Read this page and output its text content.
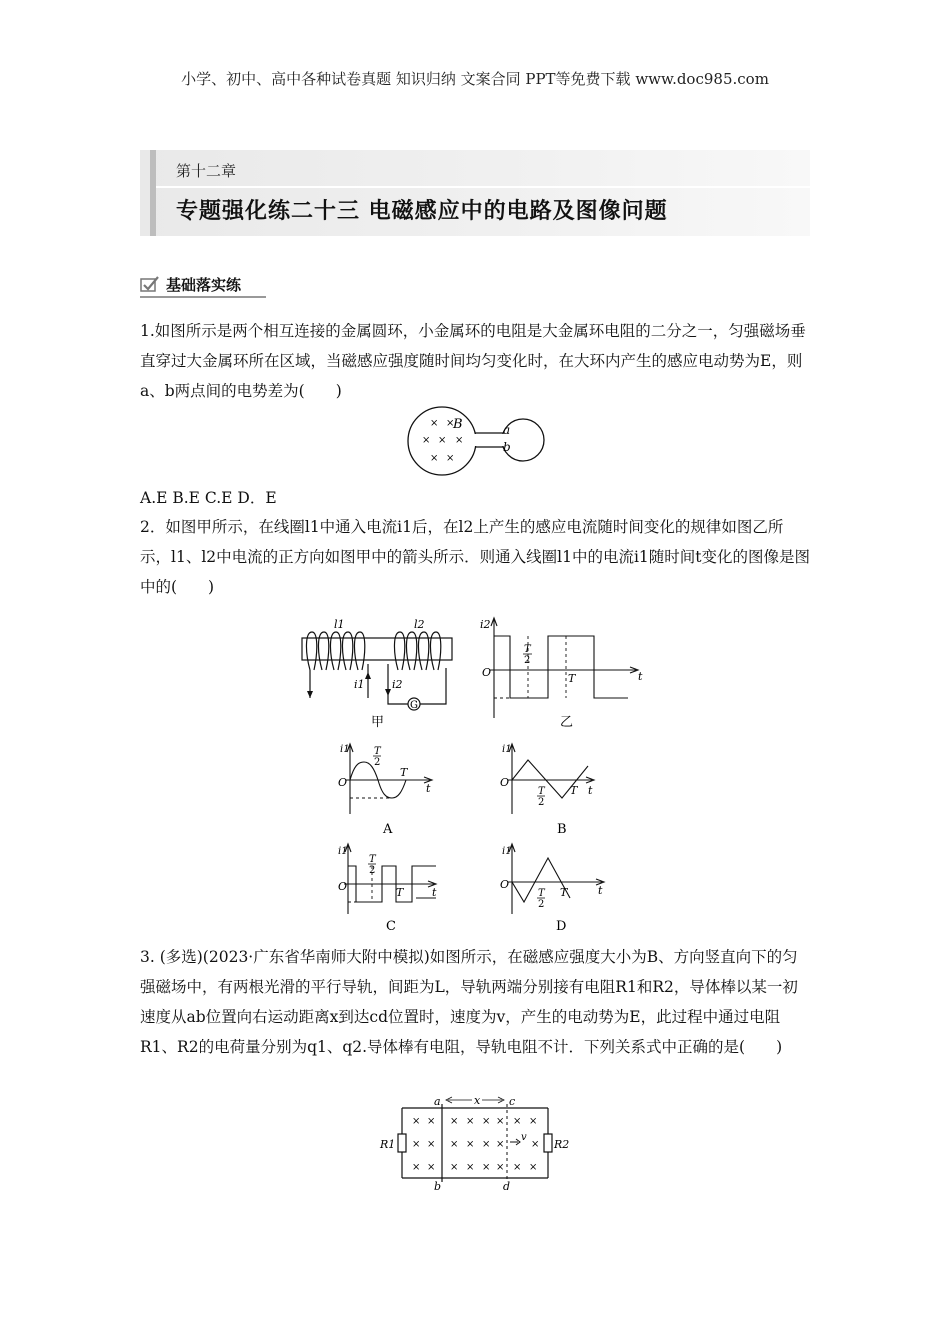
小学、初中、高中各种试卷真题 知识归纳 文案合同 PPT等免费下载 www.doc985.com
第十二章
专题强化练二十三 电磁感应中的电路及图像问题
基础落实练
1.如图所示是两个相互连接的金属圆环，小金属环的电阻是大金属环电阻的二分之一，匀强磁场垂直穿过大金属环所在区域，当磁感应强度随时间均匀变化时，在大环内产生的感应电动势为E，则a、b两点间的电势差为(　　)
× ×
× × ×
× ×
B	a
b
A.E B.E C.E D．E
2．如图甲所示，在线圈l1中通入电流i1后，在l2上产生的感应电流随时间变化的规律如图乙所示，l1、l2中电流的正方向如图甲中的箭头所示．则通入线圈l1中的电流i1随时间t变化的图像是图中的(　　)
G
l1	l2
i1 i2
甲
i2
O
T
2
T	t
乙
i1
O
T
2
T
t
A
i1
O
T
2
T t
B
i1
O
T
2
T	t
C
i1
O
T
2
T	t
D
3. (多选)(2023·广东省华南师大附中模拟)如图所示，在磁感应强度大小为B、方向竖直向下的匀强磁场中，有两根光滑的平行导轨，间距为L，导轨两端分别接有电阻R1和R2，导体棒以某一初速度从ab位置向右运动距离x到达cd位置时，速度为v，产生的电动势为E，此过程中通过电阻R1、R2的电荷量分别为q1、q2.导体棒有电阻，导轨电阻不计．下列关系式中正确的是(　　)
x
v
a
b
c
d
R1	R2
× × × × × × × ×
× × × × × ×	×
× × × × × × × ×
